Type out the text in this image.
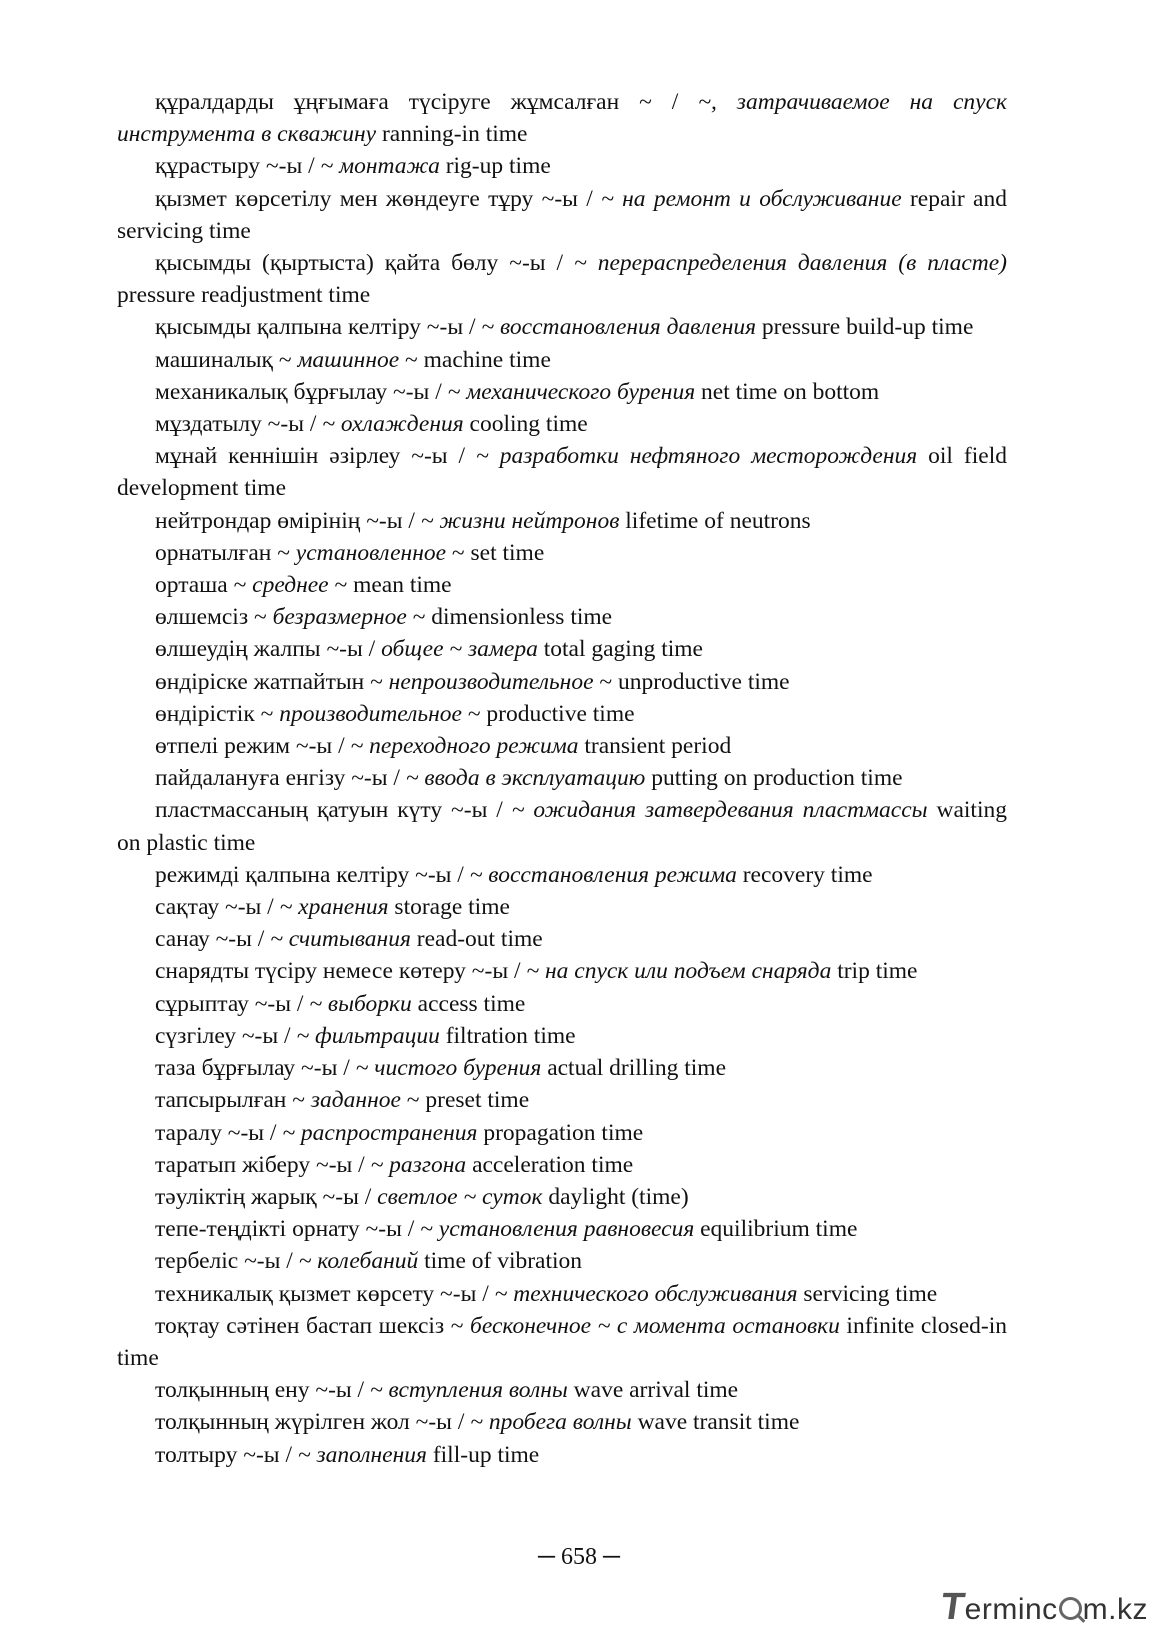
құралдарды ұңғымаға түсіруге жұмсалған ~ / ~, затрачиваемое на спуск инструмента в скважину ranning-in time

құрастыру ~-ы / ~ монтажа rig-up time

қызмет көрсетілу мен жөндеуге тұру ~-ы / ~ на ремонт и обслуживание repair and servicing time

қысымды (қыртыста) қайта бөлу ~-ы / ~ перераспределения давления (в пласте) pressure readjustment time

қысымды қалпына келтіру ~-ы / ~ восстановления давления pressure build-up time

машиналық ~ машинное ~ machine time

механикалық бұрғылау ~-ы / ~ механического бурения net time on bottom

мұздатылу ~-ы / ~ охлаждения cooling time

мұнай кеннішін әзірлеу ~-ы / ~ разработки нефтяного месторождения oil field development time

нейтрондар өмірінің ~-ы / ~ жизни нейтронов lifetime of neutrons

орнатылған ~ установленное ~ set time

орташа ~ среднее ~ mean time

өлшемсіз ~ безразмерное ~ dimensionless time

өлшеудің жалпы ~-ы / общее ~ замера total gaging time

өндіріске жатпайтын ~ непроизводительное ~ unproductive time

өндірістік ~ производительное ~ productive time

өтпелі режим ~-ы / ~ переходного режима transient period

пайдалануға енгізу ~-ы / ~ ввода в эксплуатацию putting on production time

пластмассаның қатуын күту ~-ы / ~ ожидания затвердевания пластмассы waiting on plastic time

режимді қалпына келтіру ~-ы / ~ восстановления режима recovery time

сақтау ~-ы / ~ хранения storage time

санау ~-ы / ~ считывания read-out time

снарядты түсіру немесе көтеру ~-ы / ~ на спуск или подъем снаряда trip time

сұрыптау ~-ы / ~ выборки access time

сүзгілеу ~-ы / ~ фильтрации filtration time

таза бұрғылау ~-ы / ~ чистого бурения actual drilling time

тапсырылған ~ заданное ~ preset time

таралу ~-ы / ~ распространения propagation time

таратып жіберу ~-ы / ~ разгона acceleration time

тәуліктің жарық ~-ы / светлое ~ суток daylight (time)

тепе-теңдікті орнату ~-ы / ~ установления равновесия equilibrium time

тербеліс ~-ы / ~ колебаний time of vibration

техникалық қызмет көрсету ~-ы / ~ технического обслуживания servicing time

тоқтау сәтінен бастап шексіз ~ бесконечное ~ с момента остановки infinite closed-in time

толқынның ену ~-ы / ~ вступления волны wave arrival time

толқынның жүрілген жол ~-ы / ~ пробега волны wave transit time

толтыру ~-ы / ~ заполнения fill-up time

─ 658 ─
Terminc m.kz
